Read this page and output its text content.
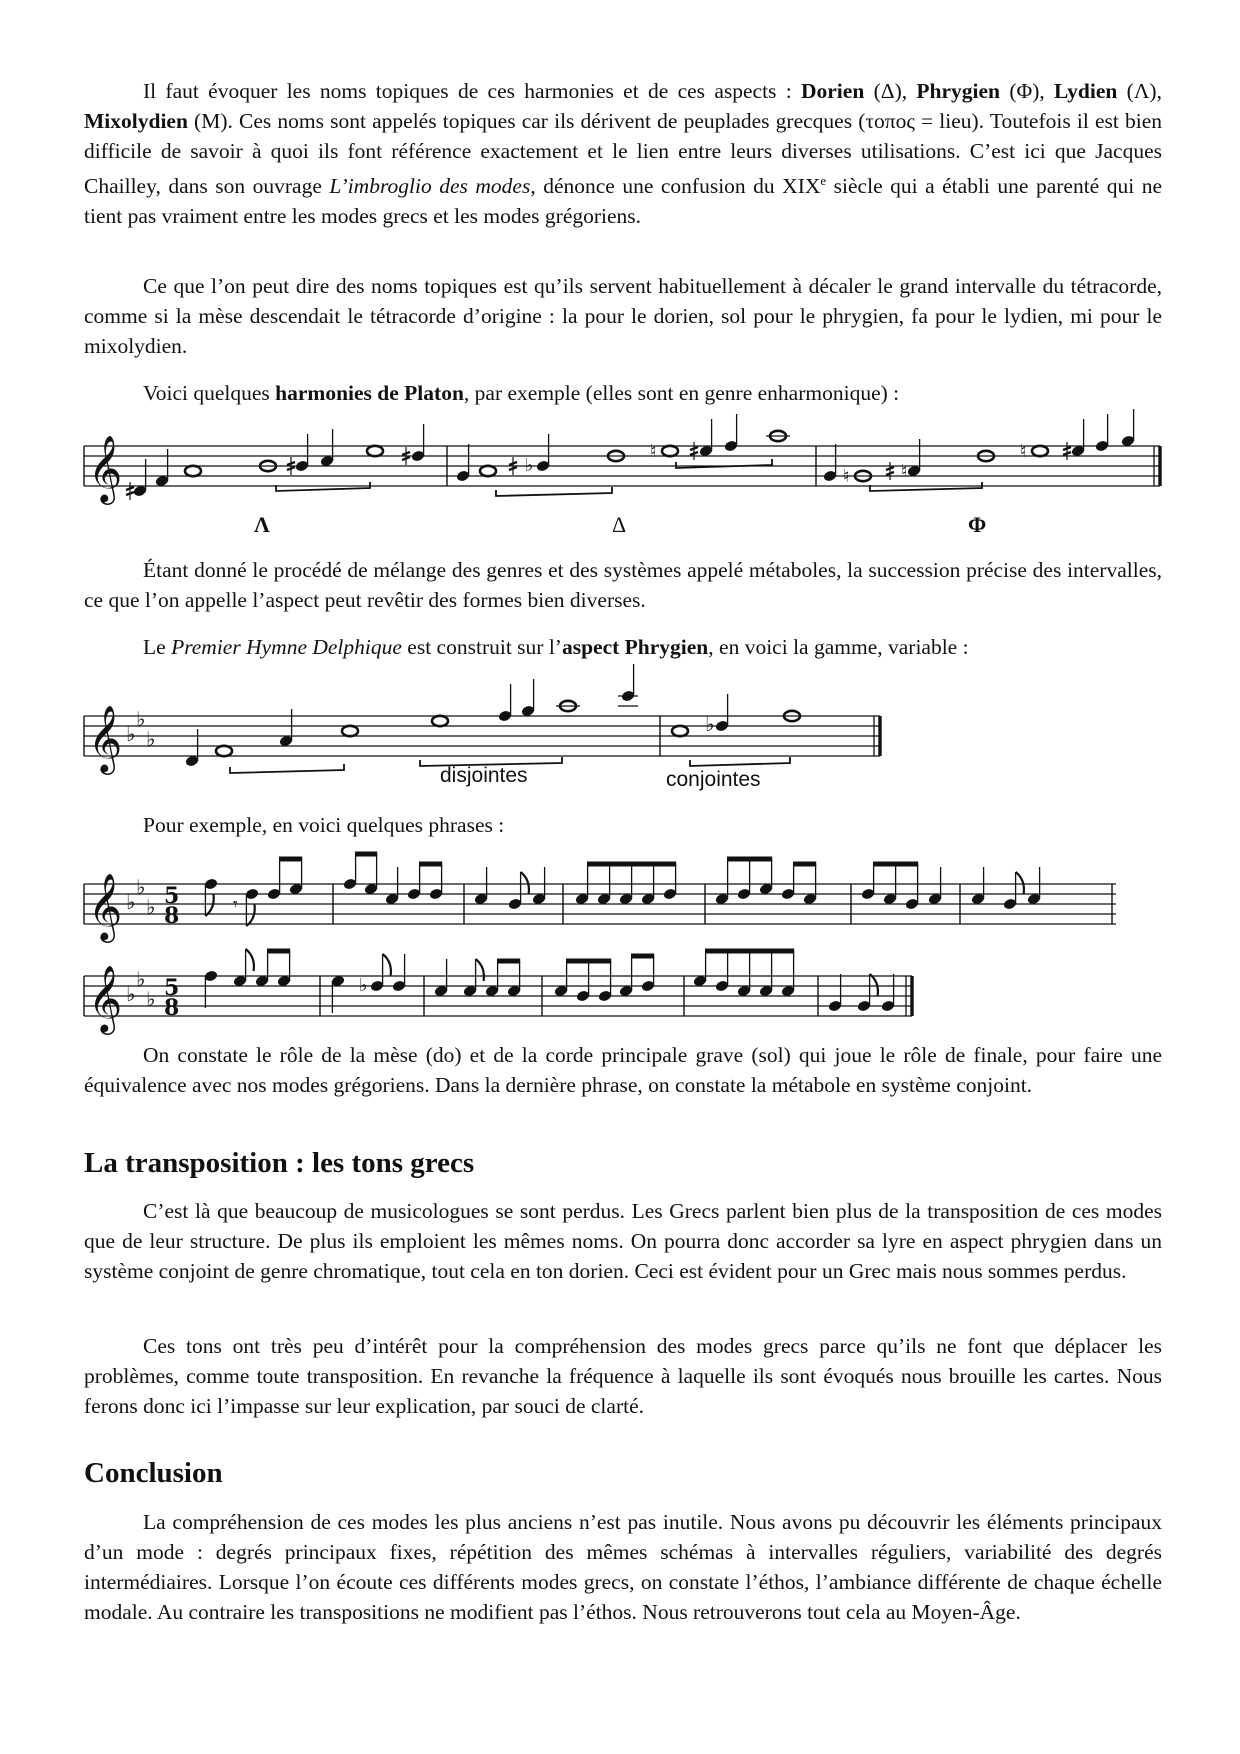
Il faut évoquer les noms topiques de ces harmonies et de ces aspects : Dorien (Δ), Phrygien (Φ), Lydien (Λ), Mixolydien (M). Ces noms sont appelés topiques car ils dérivent de peuplades grecques (τοπος = lieu). Toutefois il est bien difficile de savoir à quoi ils font référence exactement et le lien entre leurs diverses utilisations. C’est ici que Jacques Chailley, dans son ouvrage L’imbroglio des modes, dénonce une confusion du XIXe siècle qui a établi une parenté qui ne tient pas vraiment entre les modes grecs et les modes grégoriens.

Ce que l’on peut dire des noms topiques est qu’ils servent habituellement à décaler le grand intervalle du tétracorde, comme si la mèse descendait le tétracorde d’origine : la pour le dorien, sol pour le phrygien, fa pour le lydien, mi pour le mixolydien.

Voici quelques harmonies de Platon, par exemple (elles sont en genre enharmonique) :

𝄞	♭
♮
♮	♮
♮
Λ	Δ	Φ

Étant donné le procédé de mélange des genres et des systèmes appelé métaboles, la succession précise des intervalles, ce que l’on appelle l’aspect peut revêtir des formes bien diverses.

Le Premier Hymne Delphique est construit sur l’aspect Phrygien, en voici la gamme, variable :

𝄞 ♭
♭
♭
♭
disjointes	conjointes

Pour exemple, en voici quelques phrases :

𝄞 ♭
♭
♭ 5
8	𝄾
𝄞 ♭
♭
♭ 5
8
♭

On constate le rôle de la mèse (do) et de la corde principale grave (sol) qui joue le rôle de finale, pour faire une équivalence avec nos modes grégoriens. Dans la dernière phrase, on constate la métabole en système conjoint.

La transposition : les tons grecs

C’est là que beaucoup de musicologues se sont perdus. Les Grecs parlent bien plus de la transposition de ces modes que de leur structure. De plus ils emploient les mêmes noms. On pourra donc accorder sa lyre en aspect phrygien dans un système conjoint de genre chromatique, tout cela en ton dorien. Ceci est évident pour un Grec mais nous sommes perdus.

Ces tons ont très peu d’intérêt pour la compréhension des modes grecs parce qu’ils ne font que déplacer les problèmes, comme toute transposition. En revanche la fréquence à laquelle ils sont évoqués nous brouille les cartes. Nous ferons donc ici l’impasse sur leur explication, par souci de clarté.

Conclusion

La compréhension de ces modes les plus anciens n’est pas inutile. Nous avons pu découvrir les éléments principaux d’un mode : degrés principaux fixes, répétition des mêmes schémas à intervalles réguliers, variabilité des degrés intermédiaires. Lorsque l’on écoute ces différents modes grecs, on constate l’éthos, l’ambiance différente de chaque échelle modale. Au contraire les transpositions ne modifient pas l’éthos. Nous retrouverons tout cela au Moyen-Âge.
